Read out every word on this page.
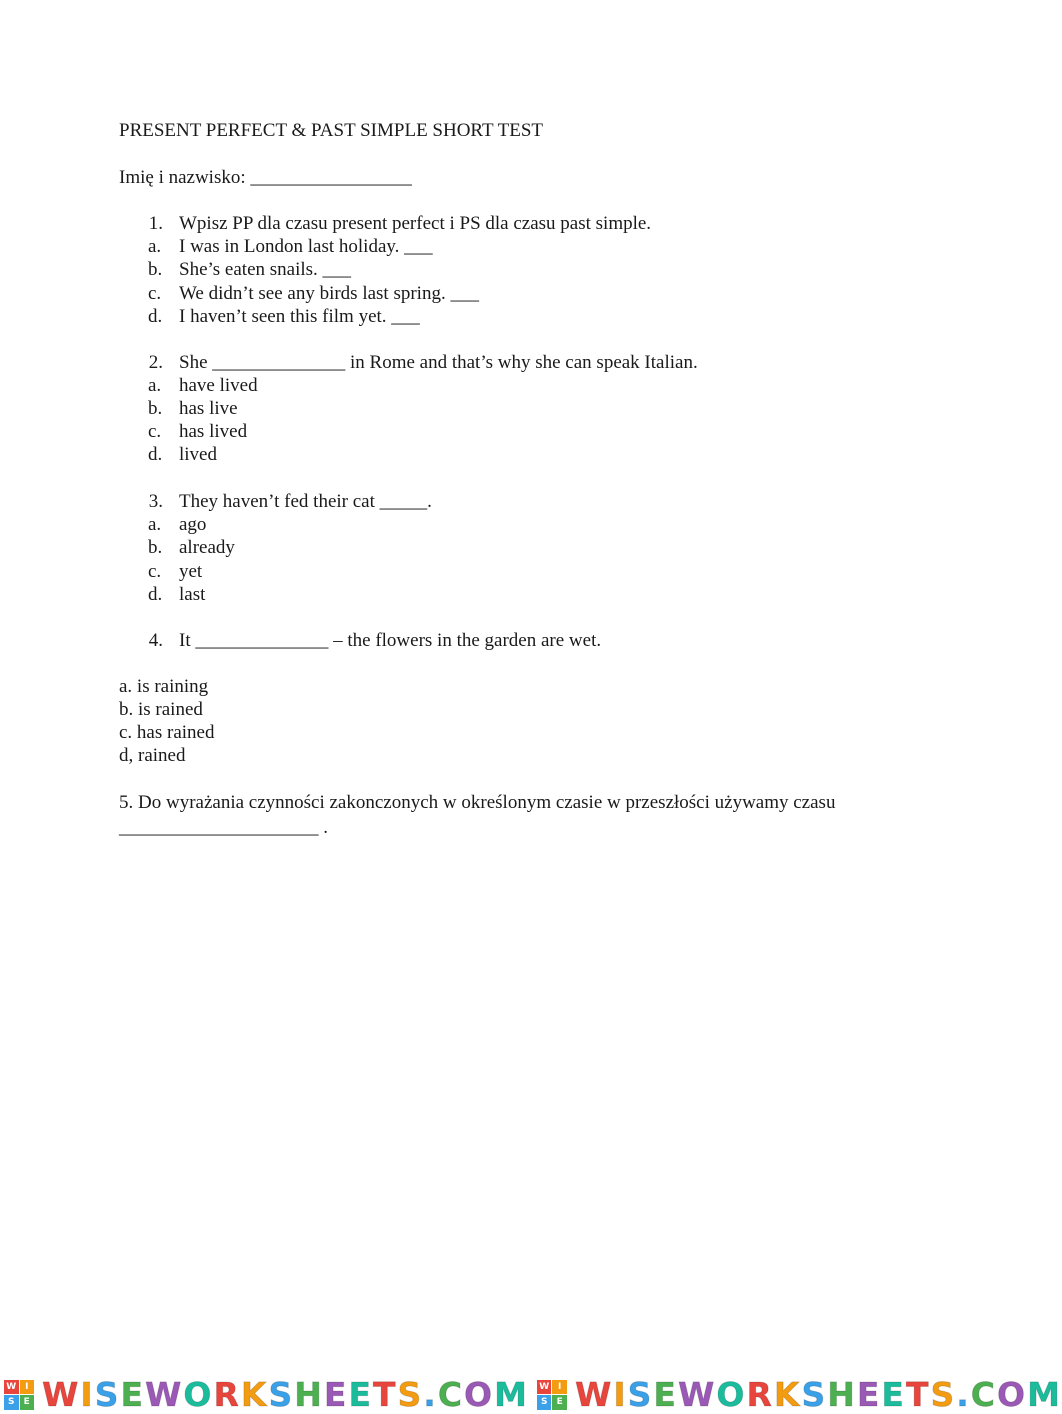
PRESENT PERFECT & PAST SIMPLE SHORT TEST
Imię i nazwisko: _________________
1. Wpisz PP dla czasu present perfect i PS dla czasu past simple.
a. I was in London last holiday. ___
b. She’s eaten snails. ___
c. We didn’t see any birds last spring. ___
d. I haven’t seen this film yet. ___
2. She ______________ in Rome and that’s why she can speak Italian.
a. have lived
b. has live
c. has lived
d. lived
3. They haven’t fed their cat _____.
a. ago
b. already
c. yet
d. last
4. It ______________ – the flowers in the garden are wet.
a. is raining
b. is rained
c. has rained
d, rained
5. Do wyrażania czynności zakonczonych w określonym czasie w przeszłości używamy czasu
_____________________ .
W I
S	E WISEWORKSHEETS.COM W I
S	E WISEWORKSHEETS.COM
